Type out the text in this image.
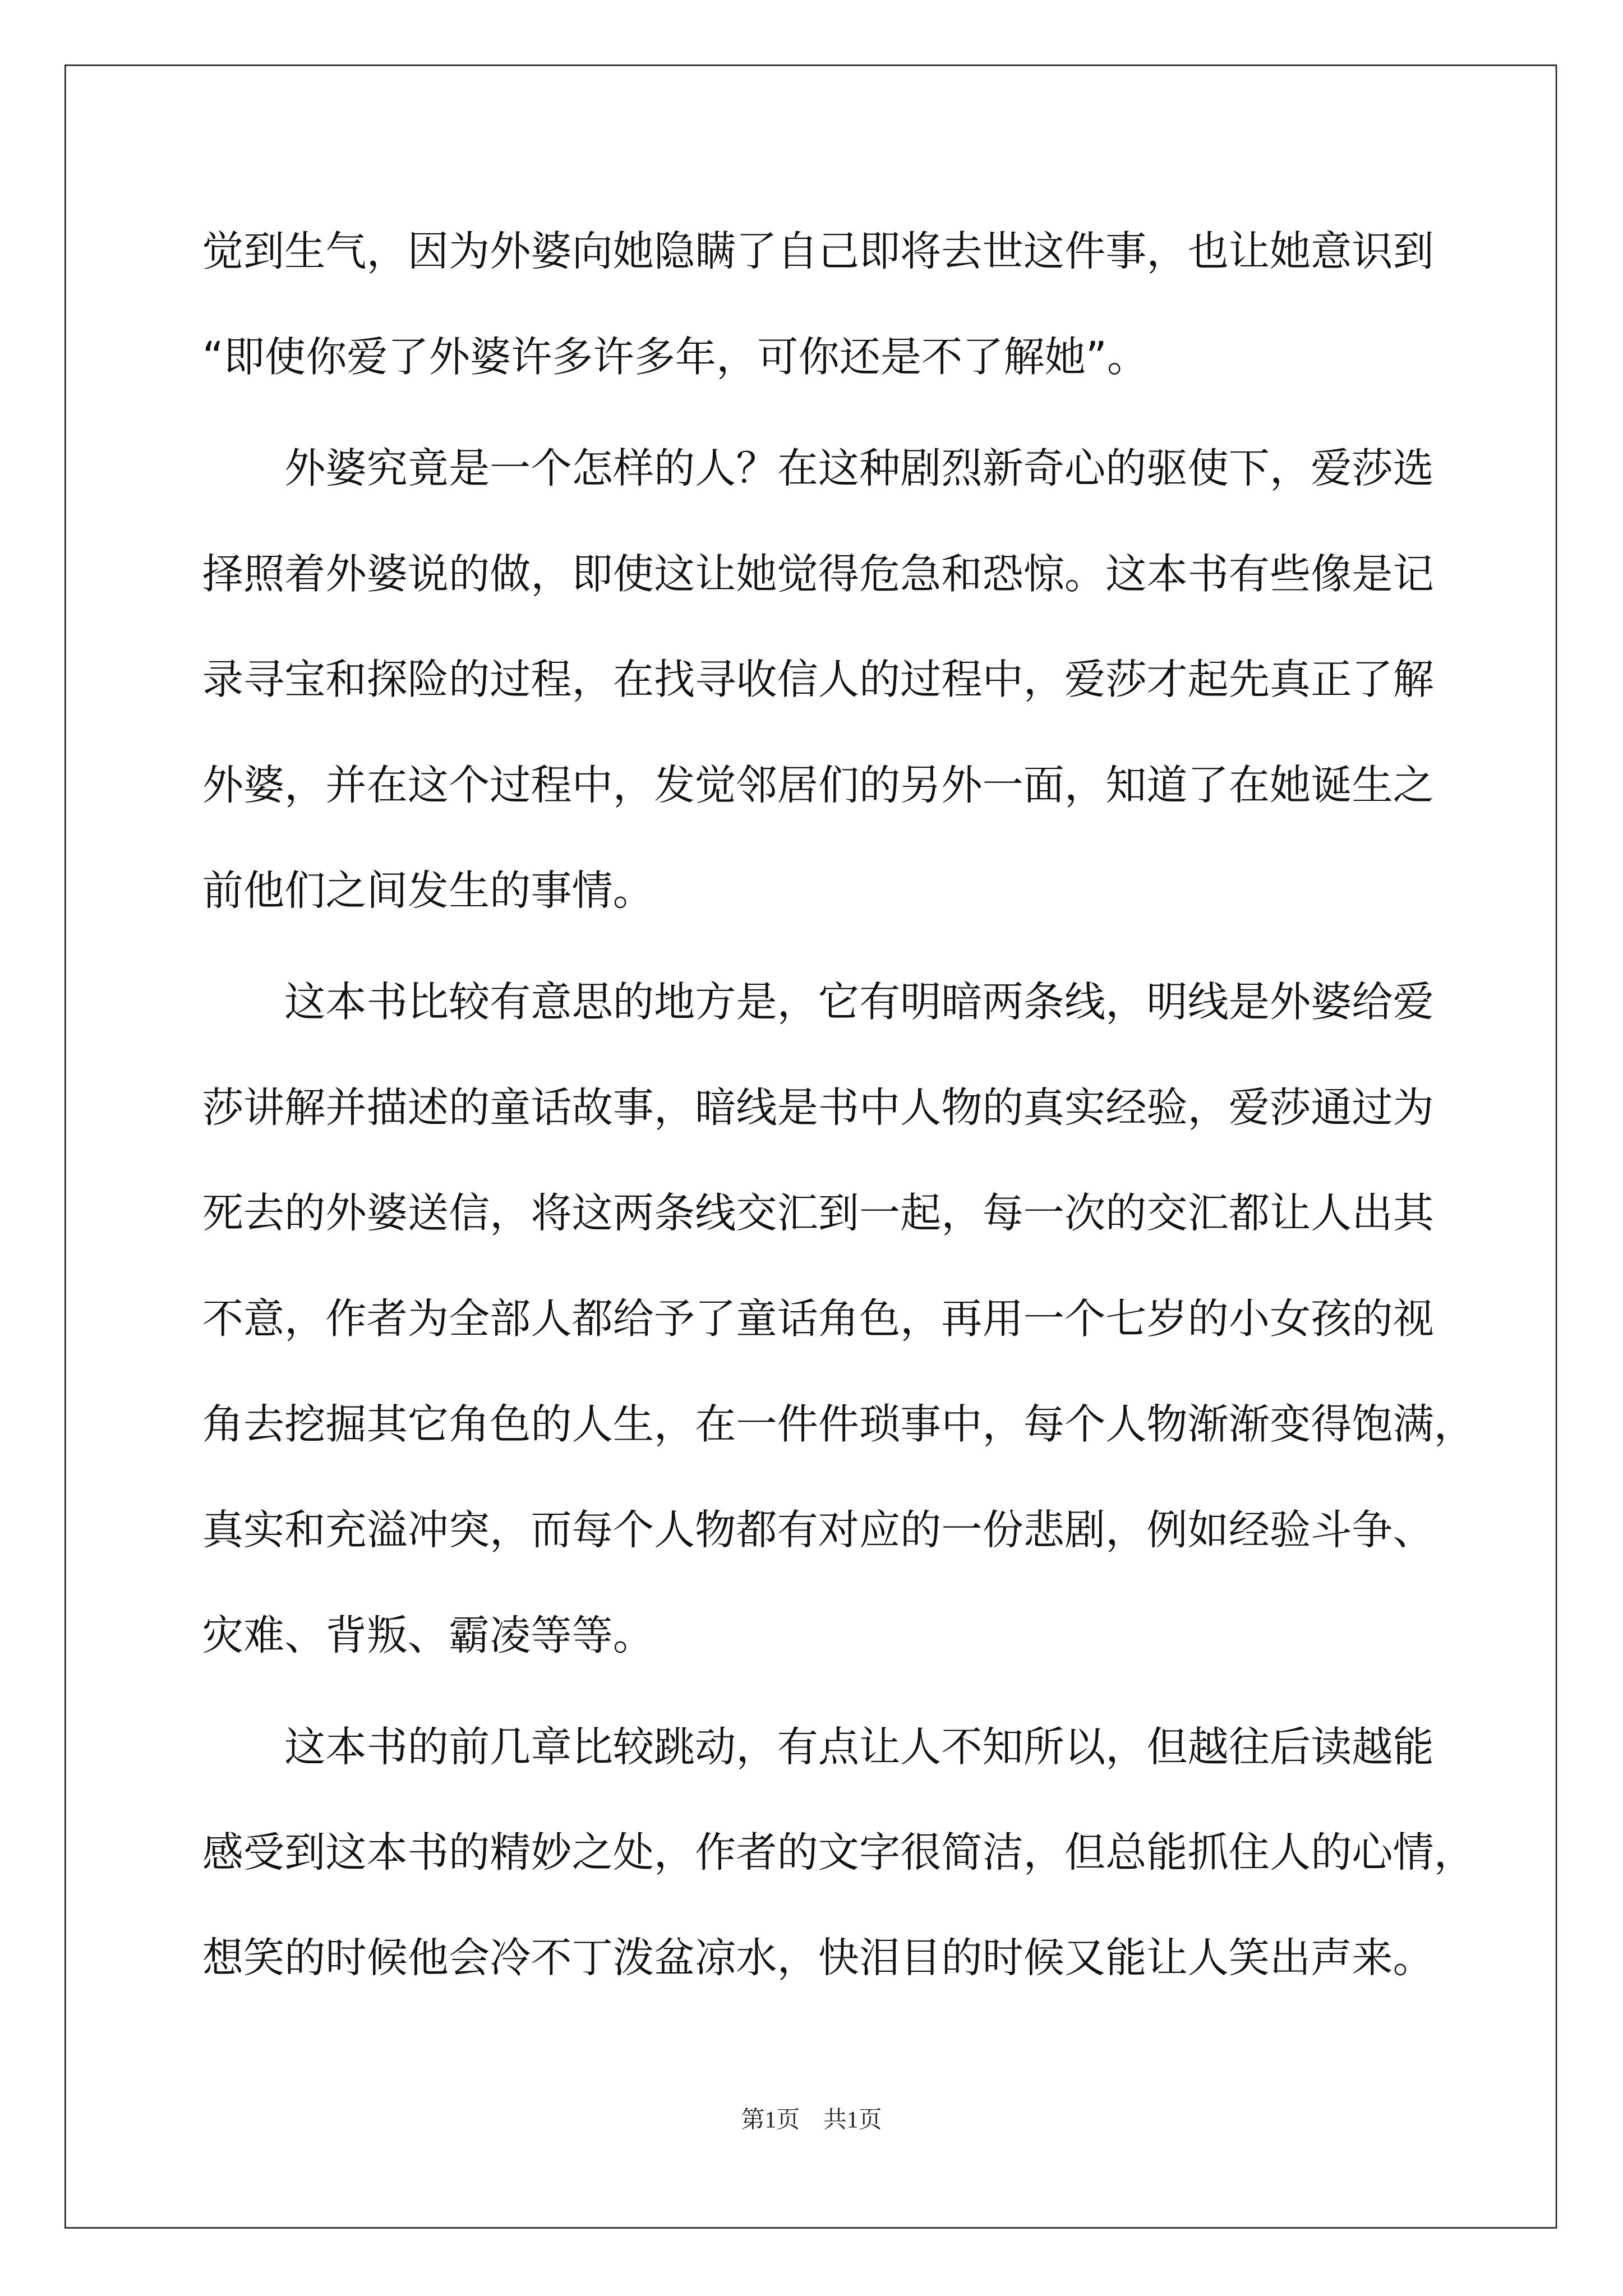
觉到生气，因为外婆向她隐瞒了自己即将去世这件事，也让她意识到
“即使你爱了外婆许多许多年，可你还是不了解她”。
外婆究竟是一个怎样的人？在这种剧烈新奇心的驱使下，爱莎选
择照着外婆说的做，即使这让她觉得危急和恐惊。这本书有些像是记
录寻宝和探险的过程，在找寻收信人的过程中，爱莎才起先真正了解
外婆，并在这个过程中，发觉邻居们的另外一面，知道了在她诞生之
前他们之间发生的事情。
这本书比较有意思的地方是，它有明暗两条线，明线是外婆给爱
莎讲解并描述的童话故事，暗线是书中人物的真实经验，爱莎通过为
死去的外婆送信，将这两条线交汇到一起，每一次的交汇都让人出其
不意，作者为全部人都给予了童话角色，再用一个七岁的小女孩的视
角去挖掘其它角色的人生，在一件件琐事中，每个人物渐渐变得饱满，
真实和充溢冲突，而每个人物都有对应的一份悲剧，例如经验斗争、
灾难、背叛、霸凌等等。
这本书的前几章比较跳动，有点让人不知所以，但越往后读越能
感受到这本书的精妙之处，作者的文字很简洁，但总能抓住人的心情，
想笑的时候他会冷不丁泼盆凉水，快泪目的时候又能让人笑出声来。
第1页　共1页
